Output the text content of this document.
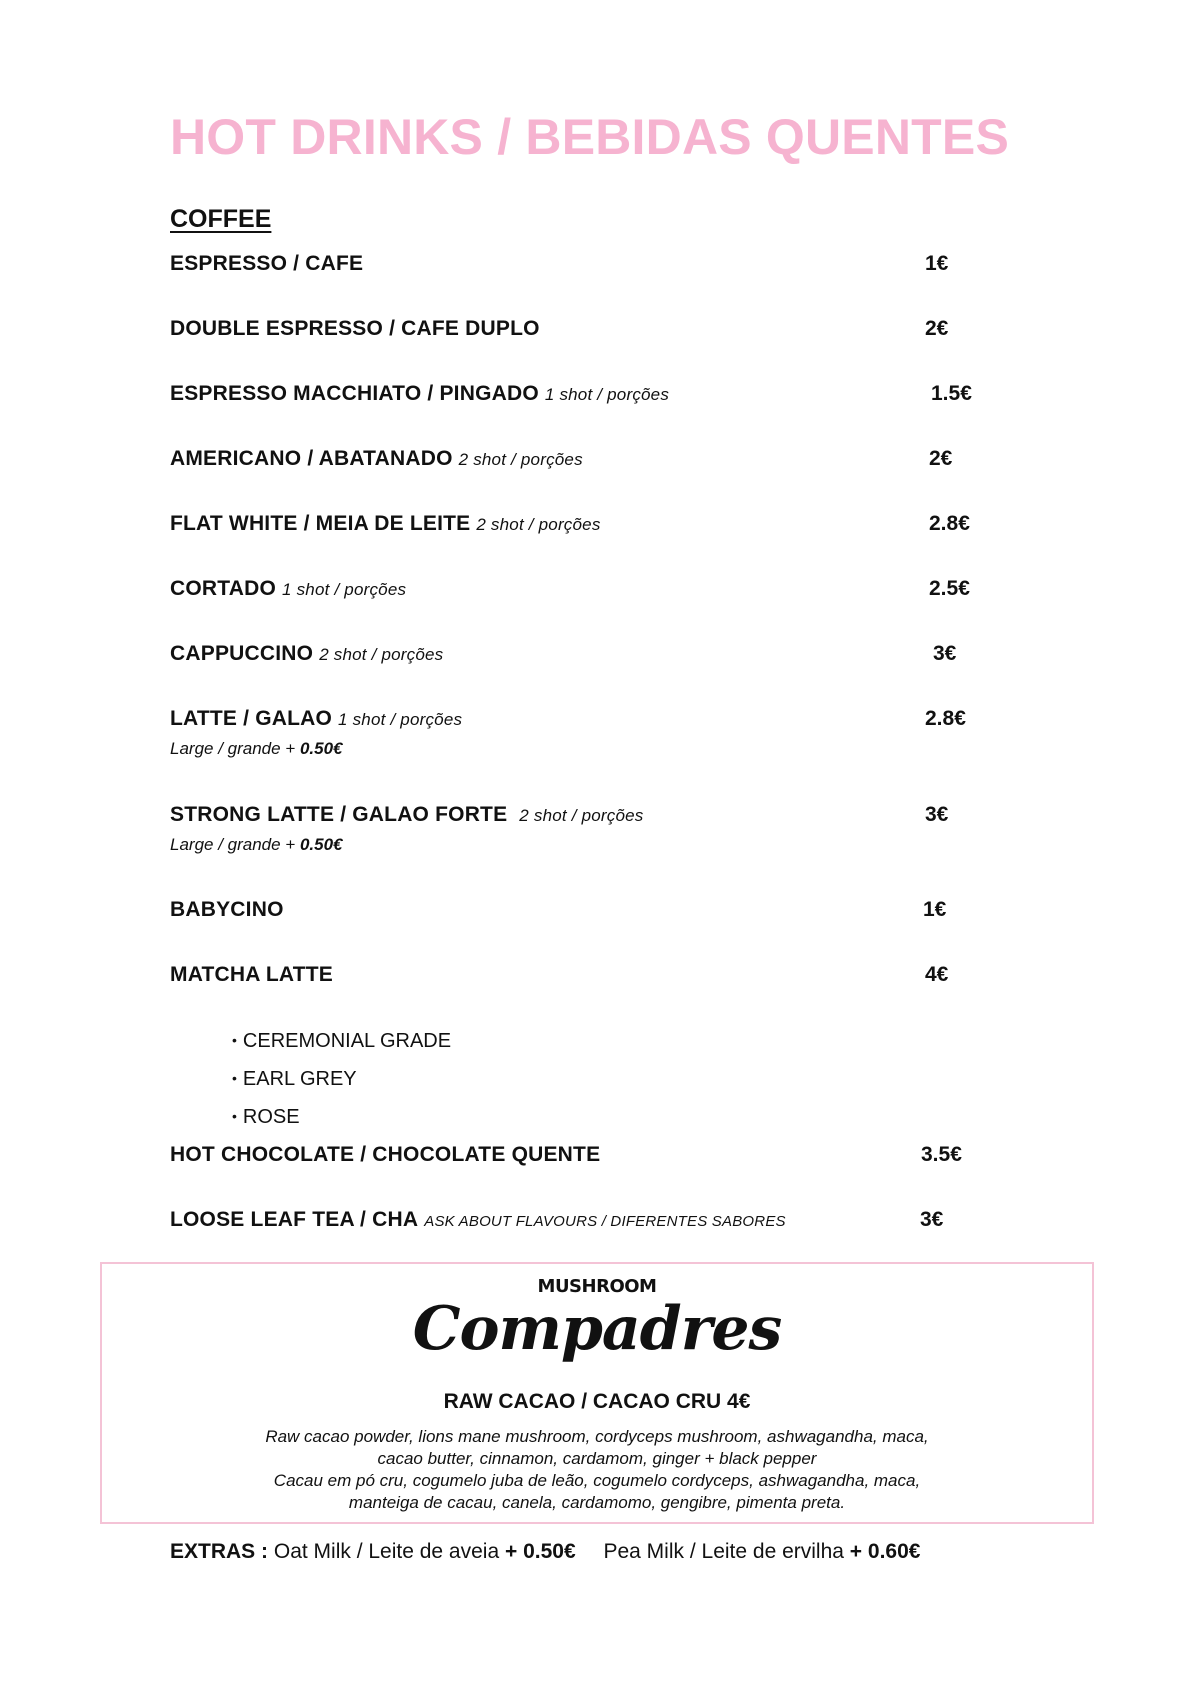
HOT DRINKS / BEBIDAS QUENTES
COFFEE
ESPRESSO / CAFE	1€
DOUBLE ESPRESSO / CAFE DUPLO	2€
ESPRESSO MACCHIATO / PINGADO 1 shot / porções	1.5€
AMERICANO / ABATANADO 2 shot / porções	2€
FLAT WHITE / MEIA DE LEITE 2 shot / porções	2.8€
CORTADO 1 shot / porções	2.5€
CAPPUCCINO 2 shot / porções	3€
LATTE / GALAO 1 shot / porções	2.8€
Large / grande + 0.50€
STRONG LATTE / GALAO FORTE 2 shot / porções	3€
Large / grande + 0.50€
BABYCINO	1€
MATCHA LATTE	4€
• CEREMONIAL GRADE
• EARL GREY
• ROSE
HOT CHOCOLATE / CHOCOLATE QUENTE	3.5€
LOOSE LEAF TEA / CHA ASK ABOUT FLAVOURS / DIFERENTES SABORES	3€
MUSHROOM
Compadres
RAW CACAO / CACAO CRU 4€
Raw cacao powder, lions mane mushroom, cordyceps mushroom, ashwagandha, maca,
cacao butter, cinnamon, cardamom, ginger + black pepper
Cacau em pó cru, cogumelo juba de leão, cogumelo cordyceps, ashwagandha, maca,
manteiga de cacau, canela, cardamomo, gengibre, pimenta preta.
EXTRAS : Oat Milk / Leite de aveia + 0.50€ Pea Milk / Leite de ervilha + 0.60€
